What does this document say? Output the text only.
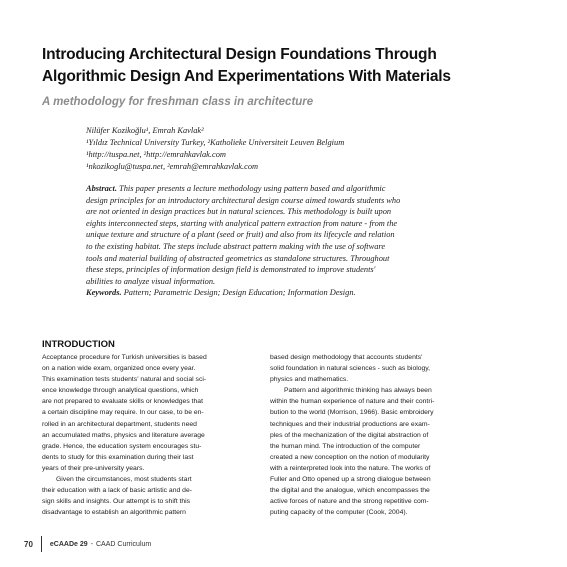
Introducing Architectural Design Foundations Through
Algorithmic Design And Experimentations With Materials
A methodology for freshman class in architecture
Nilüfer Kozikoğlu¹, Emrah Kavlak²
¹Yıldız Technical University Turkey, ²Katholieke Universiteit Leuven Belgium
¹http://tuspa.net, ²http://emrahkavlak.com
¹nkozikoglu@tuspa.net, ²emrah@emrahkavlak.com
Abstract. This paper presents a lecture methodology using pattern based and algorithmic
design principles for an introductory architectural design course aimed towards students who
are not oriented in design practices but in natural sciences. This methodology is built upon
eights interconnected steps, starting with analytical pattern extraction from nature - from the
unique texture and structure of a plant (seed or fruit) and also from its lifecycle and relation
to the existing habitat. The steps include abstract pattern making with the use of software
tools and material building of abstracted geometrics as standalone structures. Throughout
these steps, principles of information design field is demonstrated to improve students'
abilities to analyze visual information.
Keywords. Pattern; Parametric Design; Design Education; Information Design.
INTRODUCTION
Acceptance procedure for Turkish universities is based
on a nation wide exam, organized once every year.
This examination tests students' natural and social sci-
ence knowledge through analytical questions, which
are not prepared to evaluate skills or knowledges that
a certain discipline may require. In our case, to be en-
rolled in an architectural department, students need
an accumulated maths, physics and literature average
grade. Hence, the education system encourages stu-
dents to study for this examination during their last
years of their pre-university years.
Given the circumstances, most students start
their education with a lack of basic artistic and de-
sign skills and insights. Our attempt is to shift this
disadvantage to establish an algorithmic pattern
based design methodology that accounts students'
solid foundation in natural sciences - such as biology,
physics and mathematics.
Pattern and algorithmic thinking has always been
within the human experience of nature and their contri-
bution to the world (Morrison, 1966). Basic embroidery
techniques and their industrial productions are exam-
ples of the mechanization of the digital abstraction of
the human mind. The introduction of the computer
created a new conception on the notion of modularity
with a reinterpreted look into the nature. The works of
Fuller and Otto opened up a strong dialogue between
the digital and the analogue, which encompasses the
active forces of nature and the strong repetitive com-
puting capacity of the computer (Cook, 2004).
70 eCAADe 29 - CAAD Curriculum
